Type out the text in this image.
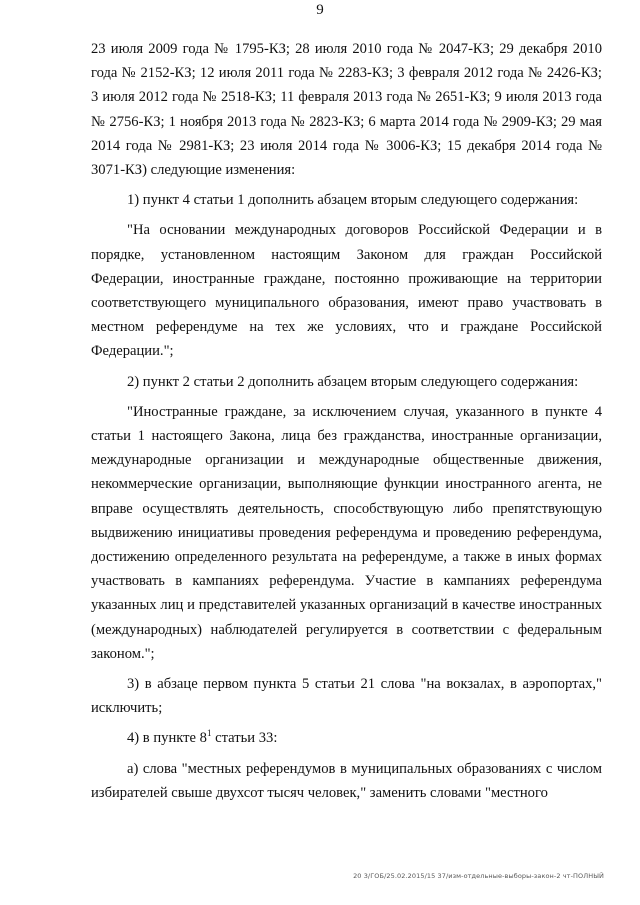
9

23 июля 2009 года № 1795-КЗ; 28 июля 2010 года № 2047-КЗ; 29 декабря 2010 года № 2152-КЗ; 12 июля 2011 года № 2283-КЗ; 3 февраля 2012 года № 2426-КЗ; 3 июля 2012 года № 2518-КЗ; 11 февраля 2013 года № 2651-КЗ; 9 июля 2013 года № 2756-КЗ; 1 ноября 2013 года № 2823-КЗ; 6 марта 2014 года № 2909-КЗ; 29 мая 2014 года № 2981-КЗ; 23 июля 2014 года № 3006-КЗ; 15 декабря 2014 года № 3071-КЗ) следующие изменения:

1) пункт 4 статьи 1 дополнить абзацем вторым следующего содержания:

"На основании международных договоров Российской Федерации и в порядке, установленном настоящим Законом для граждан Российской Федерации, иностранные граждане, постоянно проживающие на территории соответствующего муниципального образования, имеют право участвовать в местном референдуме на тех же условиях, что и граждане Российской Федерации.";

2) пункт 2 статьи 2 дополнить абзацем вторым следующего содержания:

"Иностранные граждане, за исключением случая, указанного в пункте 4 статьи 1 настоящего Закона, лица без гражданства, иностранные организации, международные организации и международные общественные движения, некоммерческие организации, выполняющие функции иностранного агента, не вправе осуществлять деятельность, способствующую либо препятствующую выдвижению инициативы проведения референдума и проведению референдума, достижению определенного результата на референдуме, а также в иных формах участвовать в кампаниях референдума. Участие в кампаниях референдума указанных лиц и представителей указанных организаций в качестве иностранных (международных) наблюдателей регулируется в соответствии с федеральным законом.";

3) в абзаце первом пункта 5 статьи 21 слова "на вокзалах, в аэропортах," исключить;

4) в пункте $8^1$ статьи 33:

а) слова "местных референдумов в муниципальных образованиях с числом избирателей свыше двухсот тысяч человек," заменить словами "местного

20 3/ГОБ/25.02.2015/15 37/изм-отдельные-выборы-закон-2 чт-ПОЛНЫЙ
